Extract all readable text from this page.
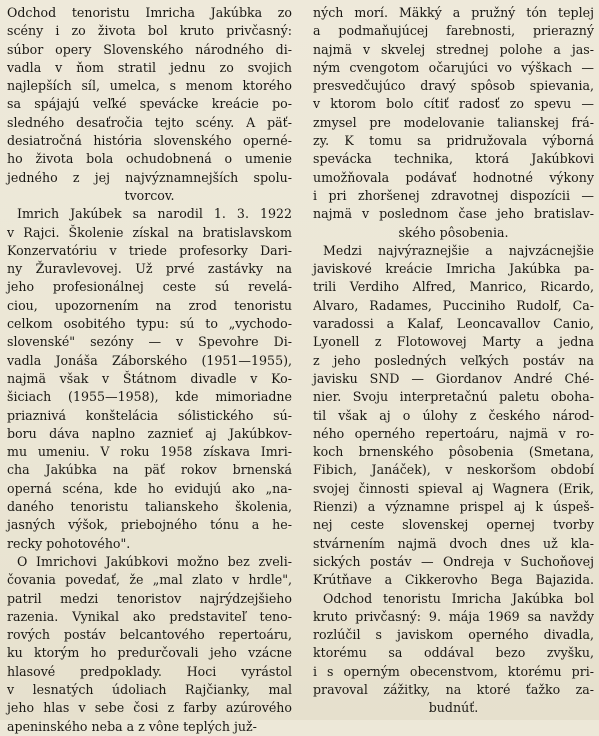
Odchod tenoristu Imricha Jakúbka zo
scény i zo života bol kruto privčasný:
súbor opery Slovenského národného di-
vadla v ňom stratil jednu zo svojich
najlepších síl, umelca, s menom ktorého
sa spájajú veľké spevácke kreácie po-
sledného desaťročia tejto scény. A päť-
desiatročná história slovenského operné-
ho života bola ochudobnená o umenie
jedného z jej najvýznamnejších spolu-
tvorcov.
Imrich Jakúbek sa narodil 1. 3. 1922
v Rajci. Školenie získal na bratislavskom
Konzervatóriu v triede profesorky Dari-
ny Žuravlevovej. Už prvé zastávky na
jeho profesionálnej ceste sú revelá-
ciou, upozornením na zrod tenoristu
celkom osobitého typu: sú to „vychodo-
slovenské" sezóny — v Spevohre Di-
vadla Jonáša Záborského (1951—1955),
najmä však v Štátnom divadle v Ko-
šiciach (1955—1958), kde mimoriadne
priaznivá konštelácia sólistického sú-
boru dáva naplno zaznieť aj Jakúbkov-
mu umeniu. V roku 1958 získava Imri-
cha Jakúbka na päť rokov brnenská
operná scéna, kde ho evidujú ako „na-
daného tenoristu talianskeho školenia,
jasných výšok, priebojného tónu a he-
recky pohotového".
O Imrichovi Jakúbkovi možno bez zveli-
čovania povedať, že „mal zlato v hrdle",
patril medzi tenoristov najrýdzejšieho
razenia. Vynikal ako predstaviteľ teno-
rových postáv belcantového repertoáru,
ku ktorým ho predurčovali jeho vzácne
hlasové predpoklady. Hoci vyrástol
v lesnatých údoliach Rajčianky, mal
jeho hlas v sebe čosi z farby azúrového
apeninského neba a z vône teplých juž-
ných morí. Mäkký a pružný tón teplej
a podmaňujúcej farebnosti, prierazný
najmä v skvelej strednej polohe a jas-
ným cvengotom očarujúci vo výškach —
presvedčujúco dravý spôsob spievania,
v ktorom bolo cítiť radosť zo spevu —
zmysel pre modelovanie talianskej frá-
zy. K tomu sa pridružovala výborná
spevácka technika, ktorá Jakúbkovi
umožňovala podávať hodnotné výkony
i pri zhoršenej zdravotnej dispozícii —
najmä v poslednom čase jeho bratislav-
ského pôsobenia.
Medzi najvýraznejšie a najvzácnejšie
javiskové kreácie Imricha Jakúbka pa-
trili Verdiho Alfred, Manrico, Ricardo,
Alvaro, Radames, Pucciniho Rudolf, Ca-
varadossi a Kalaf, Leoncavallov Canio,
Lyonell z Flotowovej Marty a jedna
z jeho posledných veľkých postáv na
javisku SND — Giordanov André Ché-
nier. Svoju interpretačnú paletu oboha-
til však aj o úlohy z českého národ-
ného operného repertoáru, najmä v ro-
koch brnenského pôsobenia (Smetana,
Fibich, Janáček), v neskoršom období
svojej činnosti spieval aj Wagnera (Erik,
Rienzi) a významne prispel aj k úspeš-
nej ceste slovenskej opernej tvorby
stvárnením najmä dvoch dnes už kla-
sických postáv — Ondreja v Suchoňovej
Krútňave a Cikkerovho Bega Bajazida.
Odchod tenoristu Imricha Jakúbka bol
kruto privčasný: 9. mája 1969 sa navždy
rozlúčil s javiskom operného divadla,
ktorému sa oddával bezo zvyšku,
i s operným obecenstvom, ktorému pri-
pravoval zážitky, na ktoré ťažko za-
budnúť.
